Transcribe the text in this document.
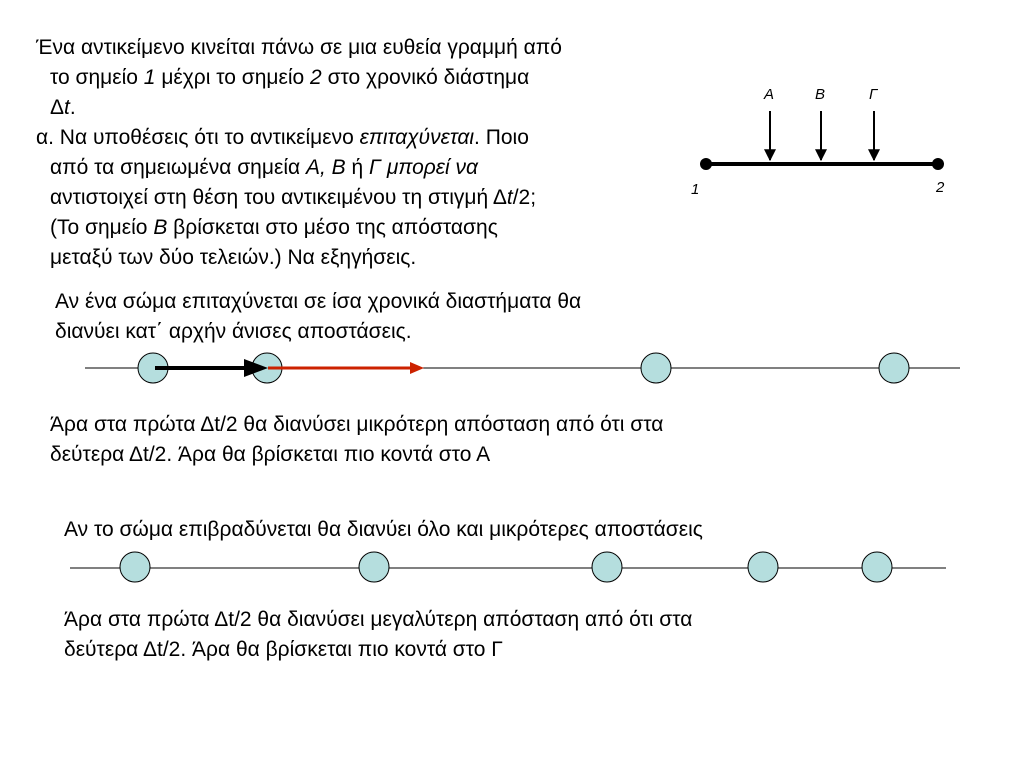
Ένα αντικείμενο κινείται πάνω σε μια ευθεία γραμμή από
το σημείο 1 μέχρι το σημείο 2 στο χρονικό διάστημα
Δt.
α. Να υποθέσεις ότι το αντικείμενο επιταχύνεται. Ποιο
από τα σημειωμένα σημεία Α, Β ή Γ μπορεί να
αντιστοιχεί στη θέση του αντικειμένου τη στιγμή Δt/2;
(Το σημείο Β βρίσκεται στο μέσο της απόστασης
μεταξύ των δύο τελειών.) Να εξηγήσεις.
Α	Β	Γ
1	2
Αν ένα σώμα επιταχύνεται σε ίσα χρονικά διαστήματα θα
διανύει κατ΄ αρχήν άνισες αποστάσεις.
Άρα στα πρώτα Δt/2 θα διανύσει μικρότερη απόσταση από ότι στα
δεύτερα Δt/2. Άρα θα βρίσκεται πιο κοντά στο Α
Αν το σώμα επιβραδύνεται θα διανύει όλο και μικρότερες αποστάσεις
Άρα στα πρώτα Δt/2 θα διανύσει μεγαλύτερη απόσταση από ότι στα
δεύτερα Δt/2. Άρα θα βρίσκεται πιο κοντά στο Γ
